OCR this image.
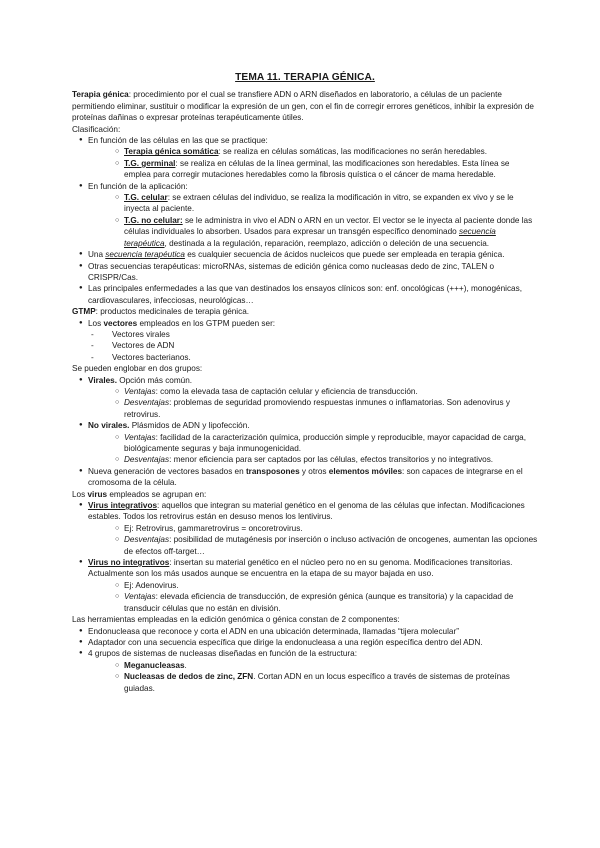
TEMA 11. TERAPIA GÉNICA.

Terapia génica: procedimiento por el cual se transfiere ADN o ARN diseñados en laboratorio, a células de un paciente permitiendo eliminar, sustituir o modificar la expresión de un gen, con el fin de corregir errores genéticos, inhibir la expresión de proteínas dañinas o expresar proteínas terapéuticamente útiles.

Clasificación:

● En función de las células en las que se practique:
○ Terapia génica somática: se realiza en células somáticas, las modificaciones no serán heredables.
○ T.G. germinal: se realiza en células de la línea germinal, las modificaciones son heredables. Esta línea se emplea para corregir mutaciones heredables como la fibrosis quística o el cáncer de mama heredable.
● En función de la aplicación:
○ T.G. celular: se extraen células del individuo, se realiza la modificación in vitro, se expanden ex vivo y se le inyecta al paciente.
○ T.G. no celular: se le administra in vivo el ADN o ARN en un vector. El vector se le inyecta al paciente donde las células individuales lo absorben. Usados para expresar un transgén específico denominado secuencia terapéutica, destinada a la regulación, reparación, reemplazo, adicción o deleción de una secuencia.
● Una secuencia terapéutica es cualquier secuencia de ácidos nucleicos que puede ser empleada en terapia génica.
● Otras secuencias terapéuticas: microRNAs, sistemas de edición génica como nucleasas dedo de zinc, TALEN o CRISPR/Cas.
● Las principales enfermedades a las que van destinados los ensayos clínicos son: enf. oncológicas (+++), monogénicas, cardiovasculares, infecciosas, neurológicas…

GTMP: productos medicinales de terapia génica.

● Los vectores empleados en los GTPM pueden ser:
- Vectores virales
- Vectores de ADN
- Vectores bacterianos.

Se pueden englobar en dos grupos:

● Virales. Opción más común.
○ Ventajas: como la elevada tasa de captación celular y eficiencia de transducción.
○ Desventajas: problemas de seguridad promoviendo respuestas inmunes o inflamatorias. Son adenovirus y retrovirus.
● No virales. Plásmidos de ADN y lipofección.
○ Ventajas: facilidad de la caracterización química, producción simple y reproducible, mayor capacidad de carga, biológicamente seguras y baja inmunogenicidad.
○ Desventajas: menor eficiencia para ser captados por las células, efectos transitorios y no integrativos.
● Nueva generación de vectores basados en transposones y otros elementos móviles: son capaces de integrarse en el cromosoma de la célula.

Los virus empleados se agrupan en:

● Virus integrativos: aquellos que integran su material genético en el genoma de las células que infectan. Modificaciones estables. Todos los retrovirus están en desuso menos los lentivirus.
○ Ej: Retrovirus, gammaretrovirus = oncoretrovirus.
○ Desventajas: posibilidad de mutagénesis por inserción o incluso activación de oncogenes, aumentan las opciones de efectos off-target…
● Virus no integrativos: insertan su material genético en el núcleo pero no en su genoma. Modificaciones transitorias. Actualmente son los más usados aunque se encuentra en la etapa de su mayor bajada en uso.
○ Ej: Adenovirus.
○ Ventajas: elevada eficiencia de transducción, de expresión génica (aunque es transitoria) y la capacidad de transducir células que no están en división.

Las herramientas empleadas en la edición genómica o génica constan de 2 componentes:

● Endonucleasa que reconoce y corta el ADN en una ubicación determinada, llamadas “tijera molecular”
● Adaptador con una secuencia específica que dirige la endonucleasa a una región específica dentro del ADN.
● 4 grupos de sistemas de nucleasas diseñadas en función de la estructura:
○ Meganucleasas.
○ Nucleasas de dedos de zinc, ZFN. Cortan ADN en un locus específico a través de sistemas de proteínas guiadas.
